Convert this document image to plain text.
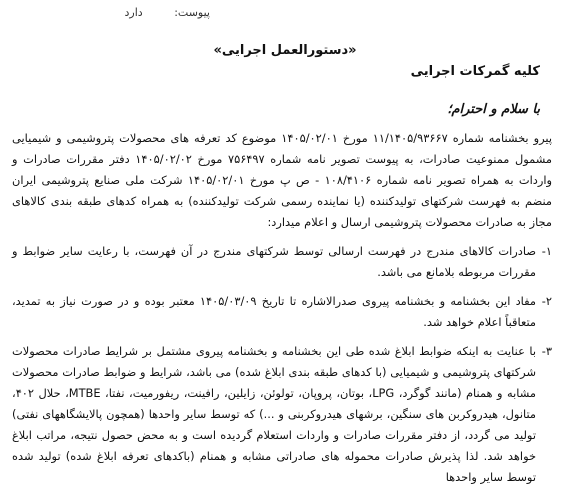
پیوست: دارد
«دستورالعمل اجرایی»
کلیه گمرکات اجرایی
با سلام و احترام؛

پیرو بخشنامه شماره ۱۱/۱۴۰۵/۹۳۶۶۷ مورخ ۱۴۰۵/۰۲/۰۱ موضوع کد تعرفه های محصولات پتروشیمی و شیمیایی مشمول ممنوعیت صادرات، به پیوست تصویر نامه شماره ۷۵۶۴۹۷ مورخ ۱۴۰۵/۰۲/۰۲ دفتر مقررات صادرات و واردات به همراه تصویر نامه شماره ۱۰۸/۴۱۰۶ - ص پ مورخ ۱۴۰۵/۰۲/۰۱ شرکت ملی صنایع پتروشیمی ایران منضم به فهرست شرکتهای تولیدکننده (یا نماینده رسمی شرکت تولیدکننده) به همراه کدهای طبقه بندی کالاهای مجاز به صادرات محصولات پتروشیمی ارسال و اعلام میدارد:

۱-
صادرات کالاهای مندرج در فهرست ارسالی توسط شرکتهای مندرج در آن فهرست، با رعایت سایر ضوابط و مقررات مربوطه بلامانع می باشد.
۲-
مفاد این بخشنامه و بخشنامه پیروی صدرالاشاره تا تاریخ ۱۴۰۵/۰۳/۰۹ معتبر بوده و در صورت نیاز به تمدید، متعاقباً اعلام خواهد شد.
۳-
با عنایت به اینکه ضوابط ابلاغ شده طی این بخشنامه و بخشنامه پیروی مشتمل بر شرایط صادرات محصولات شرکتهای پتروشیمی و شیمیایی (با کدهای طبقه بندی ابلاغ شده) می باشد، شرایط و ضوابط صادرات محصولات مشابه و همنام (مانند گوگرد، LPG، بوتان، پروپان، تولوئن، زایلین، رافینت، ریفورمیت، نفتا، MTBE، حلال ۴۰۲، متانول، هیدروکربن های سنگین، برشهای هیدروکربنی و ...) که توسط سایر واحدها (همچون پالایشگاههای نفتی) تولید می گردد، از دفتر مقررات صادرات و واردات استعلام گردیده است و به محض حصول نتیجه، مراتب ابلاغ خواهد شد. لذا پذیرش صادرات محموله های صادراتی مشابه و همنام (باکدهای تعرفه ابلاغ شده) تولید شده توسط سایر واحدها
